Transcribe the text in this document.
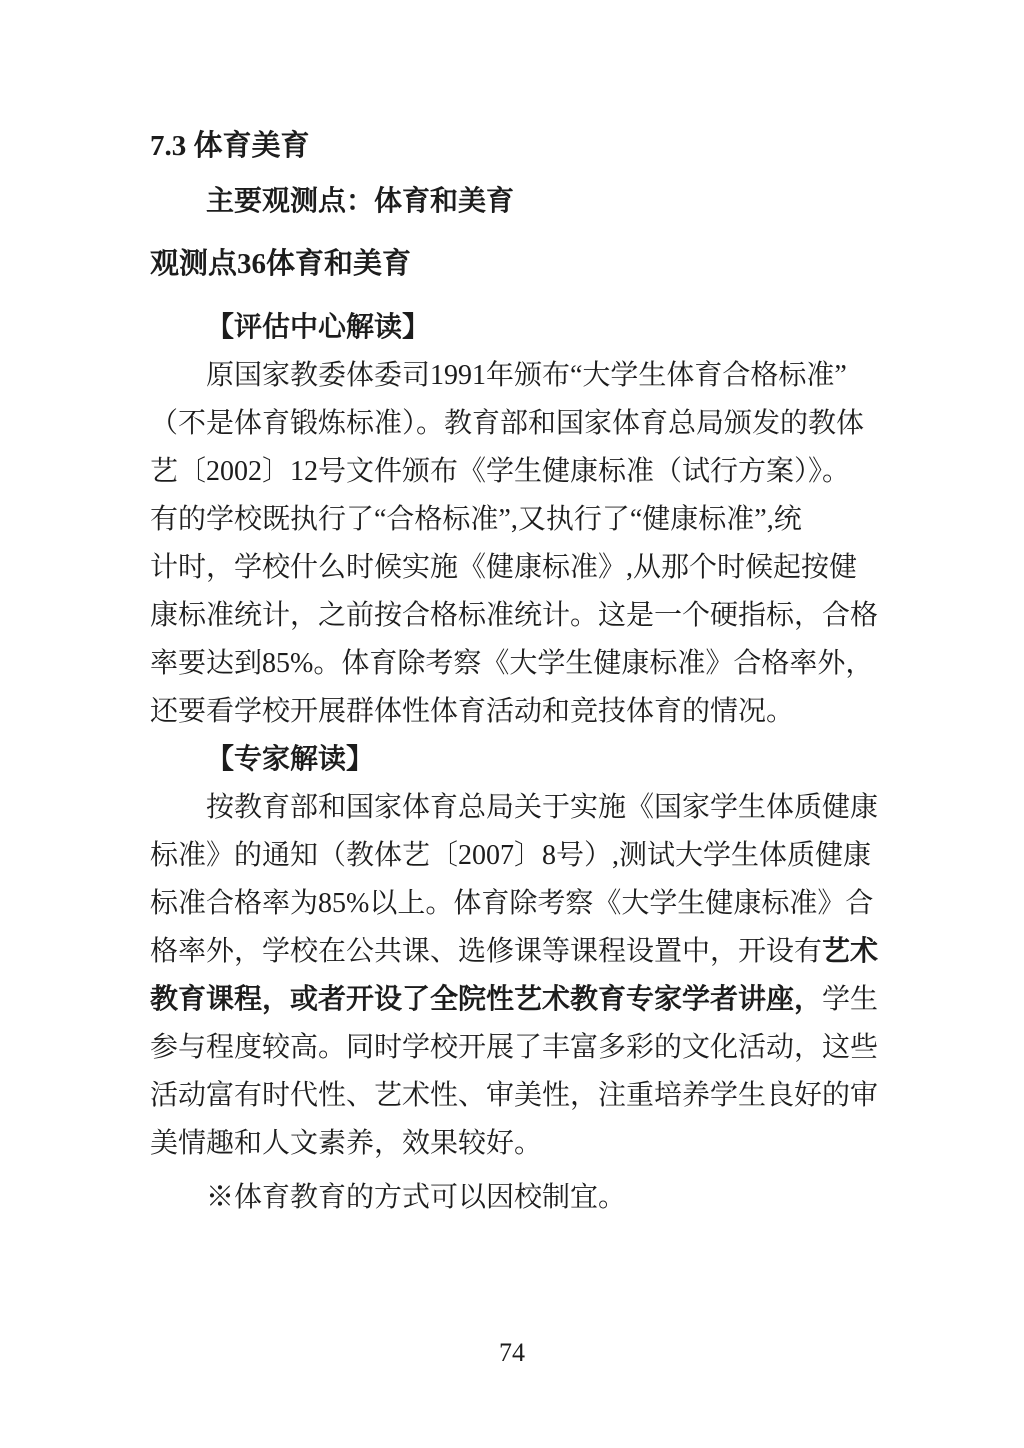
7.3 体育美育
主要观测点：体育和美育
观测点36体育和美育
【评估中心解读】
原国家教委体委司1991年颁布“大学生体育合格标准”
（不是体育锻炼标准）。教育部和国家体育总局颁发的教体
艺〔2002〕12号文件颁布《学生健康标准（试行方案）》。
有的学校既执行了“合格标准”,又执行了“健康标准”,统
计时，学校什么时候实施《健康标准》,从那个时候起按健
康标准统计，之前按合格标准统计。这是一个硬指标，合格
率要达到85%。体育除考察《大学生健康标准》合格率外，
还要看学校开展群体性体育活动和竞技体育的情况。
【专家解读】
按教育部和国家体育总局关于实施《国家学生体质健康
标准》的通知（教体艺〔2007〕8号）,测试大学生体质健康
标准合格率为85%以上。体育除考察《大学生健康标准》合
格率外，学校在公共课、选修课等课程设置中，开设有艺术
教育课程，或者开设了全院性艺术教育专家学者讲座，学生
参与程度较高。同时学校开展了丰富多彩的文化活动，这些
活动富有时代性、艺术性、审美性，注重培养学生良好的审
美情趣和人文素养，效果较好。
※体育教育的方式可以因校制宜。
74
